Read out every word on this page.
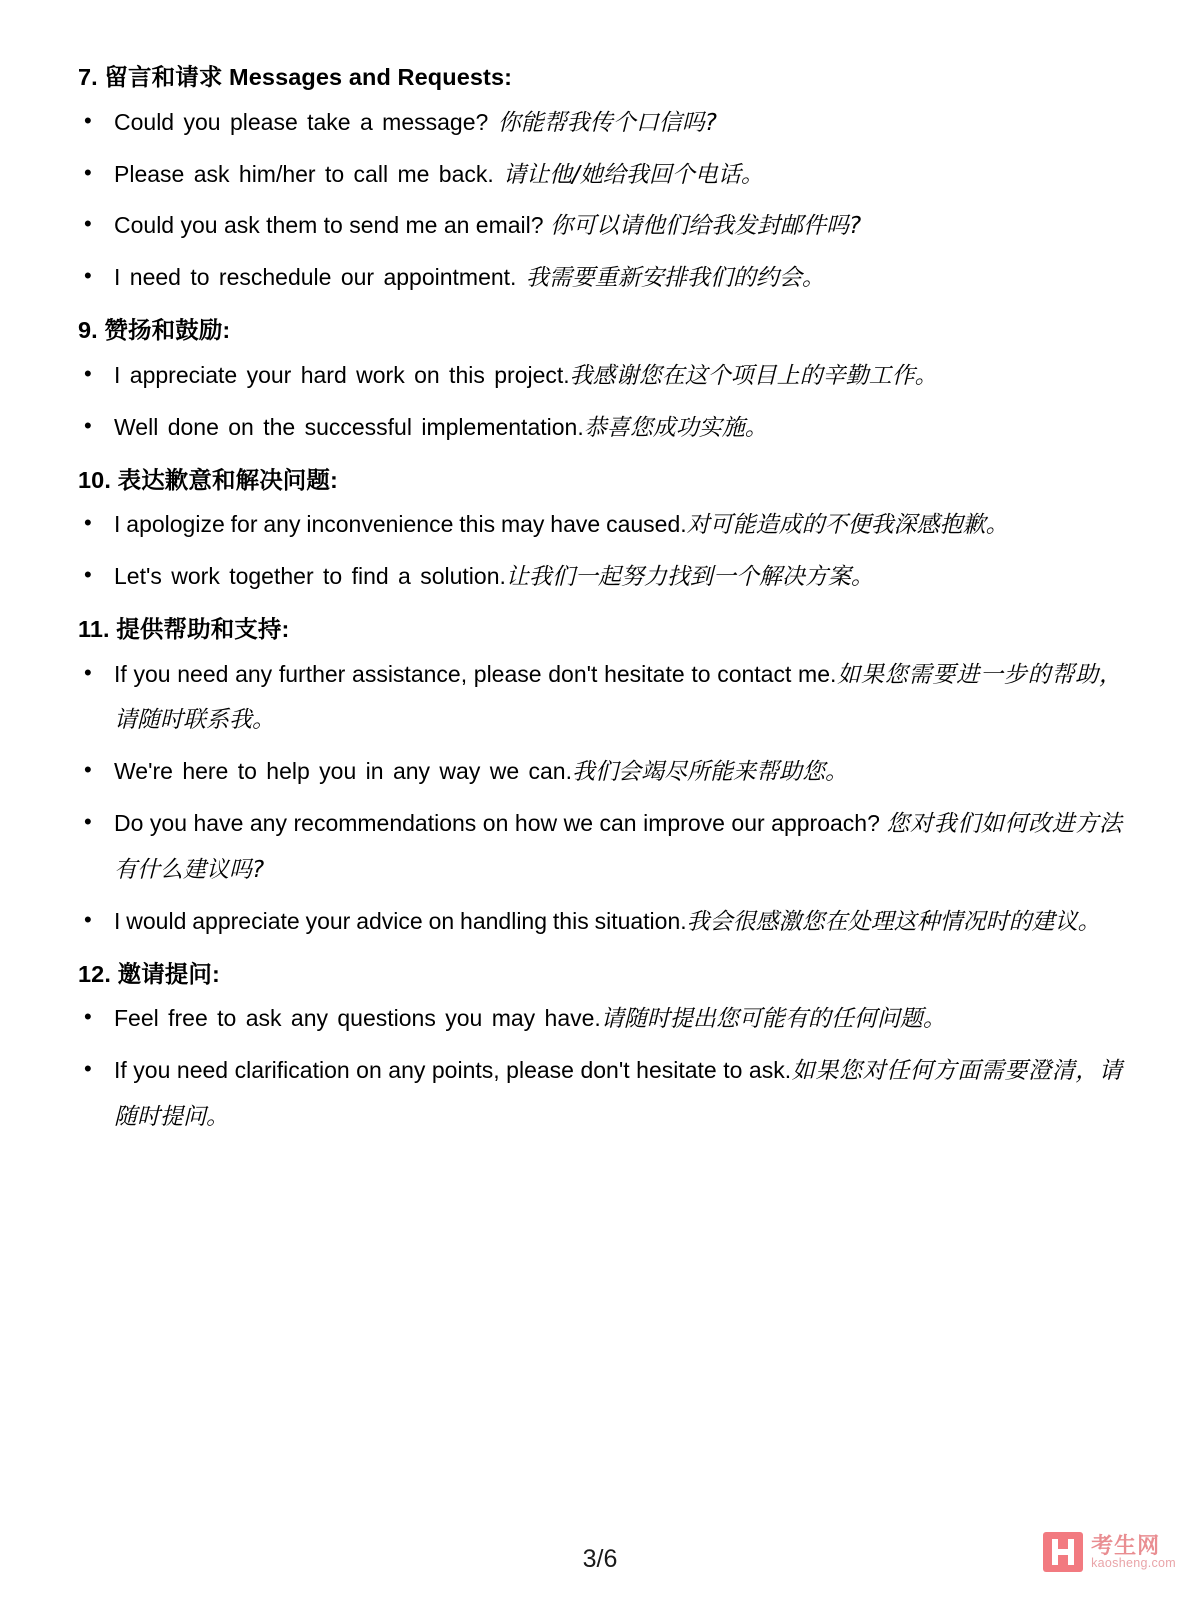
7. 留言和请求 Messages and Requests:
• Could you please take a message? 你能帮我传个口信吗?
• Please ask him/her to call me back. 请让他/她给我回个电话。
• Could you ask them to send me an email? 你可以请他们给我发封邮件吗?
• I need to reschedule our appointment. 我需要重新安排我们的约会。
9. 赞扬和鼓励:
• I appreciate your hard work on this project.我感谢您在这个项目上的辛勤工作。
• Well done on the successful implementation.恭喜您成功实施。
10. 表达歉意和解决问题:
• I apologize for any inconvenience this may have caused.对可能造成的不便我深感抱歉。
• Let's work together to find a solution.让我们一起努力找到一个解决方案。
11. 提供帮助和支持:
• If you need any further assistance, please don't hesitate to contact me.如果您需要进一步的帮助，请随时联系我。
• We're here to help you in any way we can.我们会竭尽所能来帮助您。
• Do you have any recommendations on how we can improve our approach? 您对我们如何改进方法有什么建议吗?
• I would appreciate your advice on handling this situation.我会很感激您在处理这种情况时的建议。
12. 邀请提问:
• Feel free to ask any questions you may have.请随时提出您可能有的任何问题。
• If you need clarification on any points, please don't hesitate to ask.如果您对任何方面需要澄清，请随时提问。
3/6	考生网
kaosheng.com
